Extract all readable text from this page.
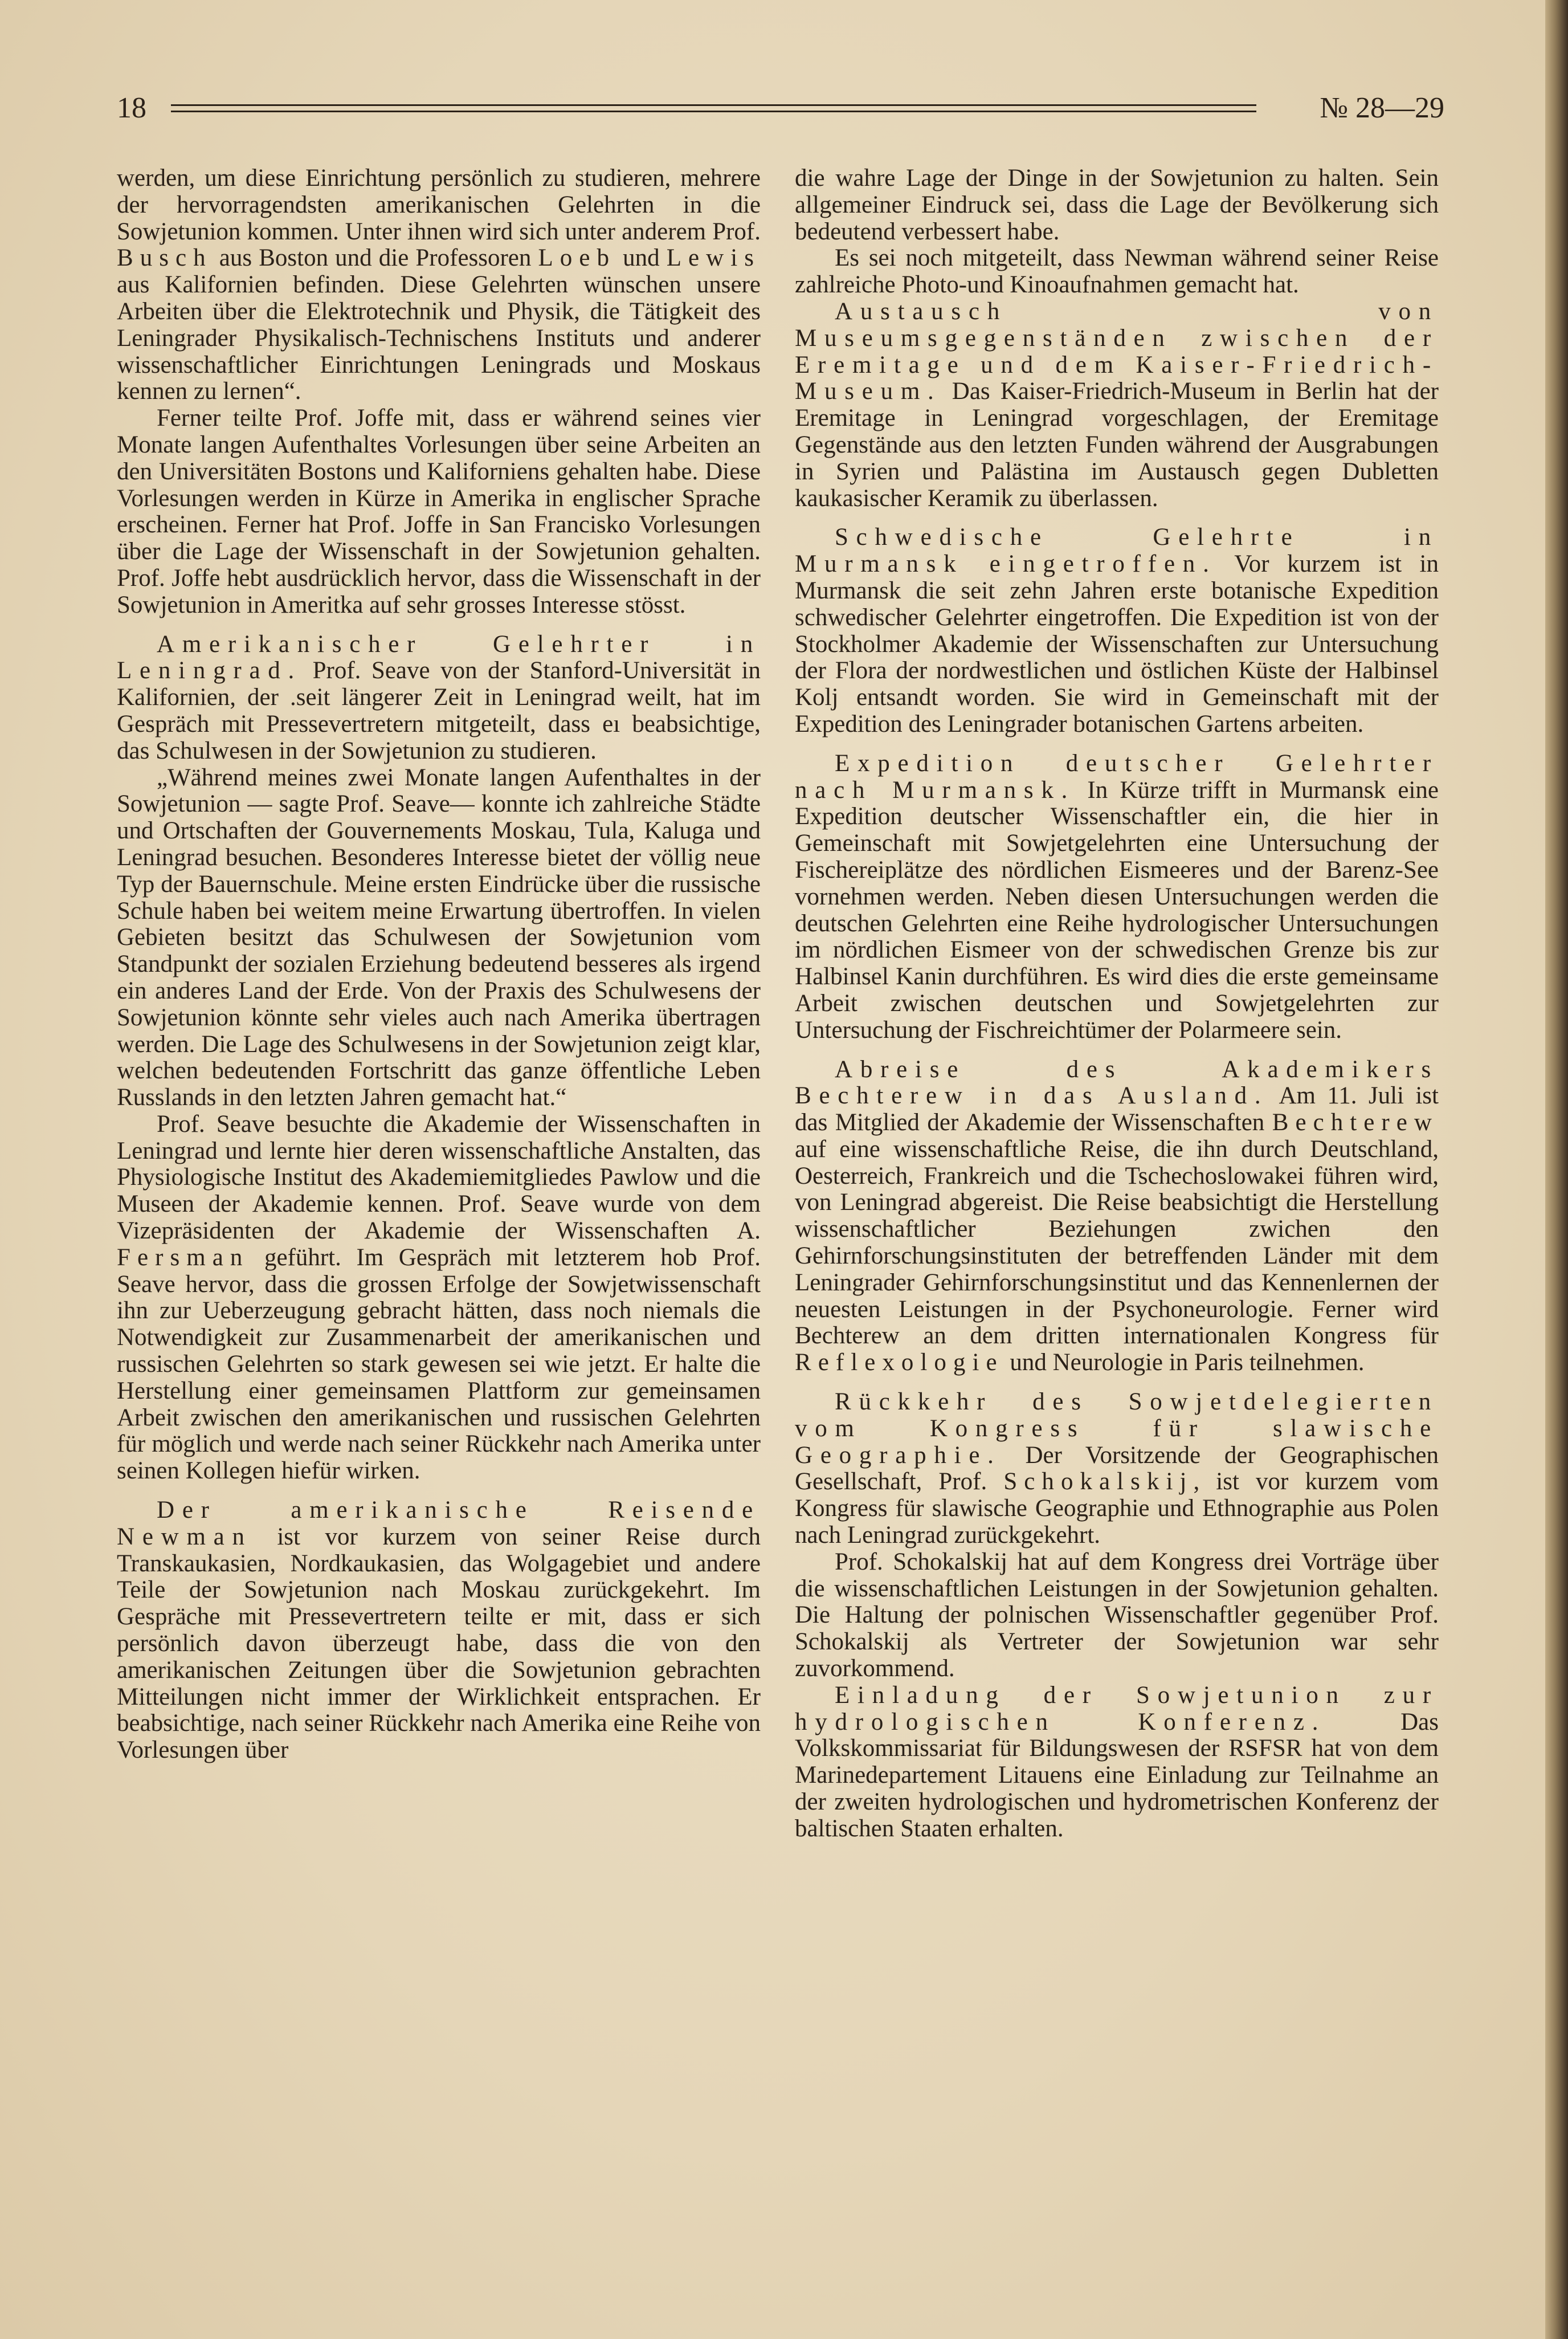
18	№ 28—29

werden, um diese Einrichtung persönlich zu studieren, mehrere der hervorragendsten amerikanischen Gelehrten in die Sowjetunion kommen. Unter ihnen wird sich unter anderem Prof. Busch aus Boston und die Professoren Loeb und Lewis aus Kalifornien befinden. Diese Gelehrten wünschen unsere Arbeiten über die Elektrotechnik und Physik, die Tätigkeit des Leningrader Physikalisch-Technischens Instituts und anderer wissenschaftlicher Einrichtungen Leningrads und Moskaus kennen zu lernen“.

Ferner teilte Prof. Joffe mit, dass er während seines vier Monate langen Aufenthaltes Vorlesungen über seine Arbeiten an den Universitäten Bostons und Kaliforniens gehalten habe. Diese Vorlesungen werden in Kürze in Amerika in englischer Sprache erscheinen. Ferner hat Prof. Joffe in San Francisko Vorlesungen über die Lage der Wissenschaft in der Sowjetunion gehalten. Prof. Joffe hebt ausdrücklich hervor, dass die Wissenschaft in der Sowjetunion in Ameritka auf sehr grosses Interesse stösst.

Amerikanischer Gelehrter in Leningrad. Prof. Seave von der Stanford-Universität in Kalifornien, der .seit längerer Zeit in Leningrad weilt, hat im Gespräch mit Pressevertretern mitgeteilt, dass eı beabsichtige, das Schulwesen in der Sowjetunion zu studieren.

„Während meines zwei Monate langen Aufenthaltes in der Sowjetunion — sagte Prof. Seave— konnte ich zahlreiche Städte und Ortschaften der Gouvernements Moskau, Tula, Kaluga und Leningrad besuchen. Besonderes Interesse bietet der völlig neue Typ der Bauernschule. Meine ersten Eindrücke über die russische Schule haben bei weitem meine Erwartung übertroffen. In vielen Gebieten besitzt das Schulwesen der Sowjetunion vom Standpunkt der sozialen Erziehung bedeutend besseres als irgend ein anderes Land der Erde. Von der Praxis des Schulwesens der Sowjetunion könnte sehr vieles auch nach Amerika übertragen werden. Die Lage des Schulwesens in der Sowjetunion zeigt klar, welchen bedeutenden Fortschritt das ganze öffentliche Leben Russlands in den letzten Jahren gemacht hat.“

Prof. Seave besuchte die Akademie der Wissenschaften in Leningrad und lernte hier deren wissenschaftliche Anstalten, das Physiologische Institut des Akademiemitgliedes Pawlow und die Museen der Akademie kennen. Prof. Seave wurde von dem Vizepräsidenten der Akademie der Wissenschaften A. Fersman geführt. Im Gespräch mit letzterem hob Prof. Seave hervor, dass die grossen Erfolge der Sowjetwissenschaft ihn zur Ueberzeugung gebracht hätten, dass noch niemals die Notwendigkeit zur Zusammenarbeit der amerikanischen und russischen Gelehrten so stark gewesen sei wie jetzt. Er halte die Herstellung einer gemeinsamen Plattform zur gemeinsamen Arbeit zwischen den amerikanischen und russischen Gelehrten für möglich und werde nach seiner Rückkehr nach Amerika unter seinen Kollegen hiefür wirken.

Der amerikanische Reisende Newman ist vor kurzem von seiner Reise durch Transkaukasien, Nordkaukasien, das Wolgagebiet und andere Teile der Sowjetunion nach Moskau zurückgekehrt. Im Gespräche mit Pressevertretern teilte er mit, dass er sich persönlich davon überzeugt habe, dass die von den amerikanischen Zeitungen über die Sowjetunion gebrachten Mitteilungen nicht immer der Wirklichkeit entsprachen. Er beabsichtige, nach seiner Rückkehr nach Amerika eine Reihe von Vorlesungen über

die wahre Lage der Dinge in der Sowjetunion zu halten. Sein allgemeiner Eindruck sei, dass die Lage der Bevölkerung sich bedeutend verbessert habe.

Es sei noch mitgeteilt, dass Newman während seiner Reise zahlreiche Photo-und Kinoaufnahmen gemacht hat.

Austausch von Museumsgegenständen zwischen der Eremitage und dem Kaiser-Friedrich-Museum. Das Kaiser-Friedrich-Museum in Berlin hat der Eremitage in Leningrad vorgeschlagen, der Eremitage Gegenstände aus den letzten Funden während der Ausgrabungen in Syrien und Palästina im Austausch gegen Dubletten kaukasischer Keramik zu überlassen.

Schwedische Gelehrte in Murmansk eingetroffen. Vor kurzem ist in Murmansk die seit zehn Jahren erste botanische Expedition schwedischer Gelehrter eingetroffen. Die Expedition ist von der Stockholmer Akademie der Wissenschaften zur Untersuchung der Flora der nordwestlichen und östlichen Küste der Halbinsel Kolj entsandt worden. Sie wird in Gemeinschaft mit der Expedition des Leningrader botanischen Gartens arbeiten.

Expedition deutscher Gelehrter nach Murmansk. In Kürze trifft in Murmansk eine Expedition deutscher Wissenschaftler ein, die hier in Gemeinschaft mit Sowjetgelehrten eine Untersuchung der Fischereiplätze des nördlichen Eismeeres und der Barenz-See vornehmen werden. Neben diesen Untersuchungen werden die deutschen Gelehrten eine Reihe hydrologischer Untersuchungen im nördlichen Eismeer von der schwedischen Grenze bis zur Halbinsel Kanin durchführen. Es wird dies die erste gemeinsame Arbeit zwischen deutschen und Sowjetgelehrten zur Untersuchung der Fischreichtümer der Polarmeere sein.

Abreise des Akademikers Bechterew in das Ausland. Am 11. Juli ist das Mitglied der Akademie der Wissenschaften Bechterew auf eine wissenschaftliche Reise, die ihn durch Deutschland, Oesterreich, Frankreich und die Tschechoslowakei führen wird, von Leningrad abgereist. Die Reise beabsichtigt die Herstellung wissenschaftlicher Beziehungen zwichen den Gehirnforschungsinstituten der betreffenden Länder mit dem Leningrader Gehirnforschungsinstitut und das Kennenlernen der neuesten Leistungen in der Psychoneurologie. Ferner wird Bechterew an dem dritten internationalen Kongress für Reflexologie und Neurologie in Paris teilnehmen.

Rückkehr des Sowjetdelegierten vom Kongress für slawische Geographie. Der Vorsitzende der Geographischen Gesellschaft, Prof. Schokalskij, ist vor kurzem vom Kongress für slawische Geographie und Ethnographie aus Polen nach Leningrad zurückgekehrt.

Prof. Schokalskij hat auf dem Kongress drei Vorträge über die wissenschaftlichen Leistungen in der Sowjetunion gehalten. Die Haltung der polnischen Wissenschaftler gegenüber Prof. Schokalskij als Vertreter der Sowjetunion war sehr zuvorkommend.

Einladung der Sowjetunion zur hydrologischen Konferenz.	Das Volkskommissariat für Bildungswesen der RSFSR hat von dem Marinedepartement Litauens eine Einladung zur Teilnahme an der zweiten hydrologischen und hydrometrischen Konferenz der baltischen Staaten erhalten.
